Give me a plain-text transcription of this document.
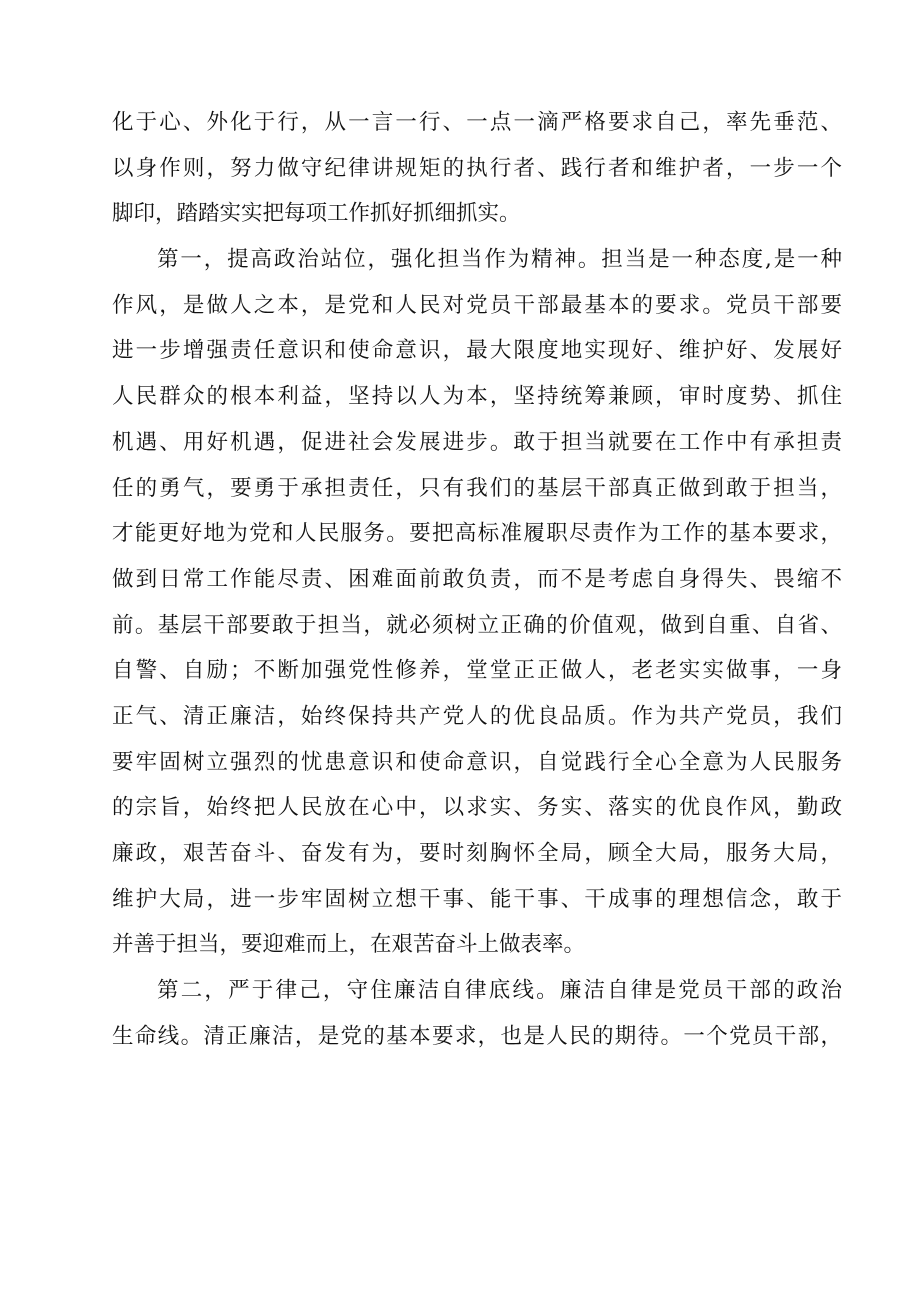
化于心、外化于行，从一言一行、一点一滴严格要求自己，率先垂范、
以身作则，努力做守纪律讲规矩的执行者、践行者和维护者，一步一个
脚印，踏踏实实把每项工作抓好抓细抓实。
第一，提高政治站位，强化担当作为精神。担当是一种态度,是一种
作风，是做人之本，是党和人民对党员干部最基本的要求。党员干部要
进一步增强责任意识和使命意识，最大限度地实现好、维护好、发展好
人民群众的根本利益，坚持以人为本，坚持统筹兼顾，审时度势、抓住
机遇、用好机遇，促进社会发展进步。敢于担当就要在工作中有承担责
任的勇气，要勇于承担责任，只有我们的基层干部真正做到敢于担当，
才能更好地为党和人民服务。要把高标准履职尽责作为工作的基本要求，
做到日常工作能尽责、困难面前敢负责，而不是考虑自身得失、畏缩不
前。基层干部要敢于担当，就必须树立正确的价值观，做到自重、自省、
自警、自励；不断加强党性修养，堂堂正正做人，老老实实做事，一身
正气、清正廉洁，始终保持共产党人的优良品质。作为共产党员，我们
要牢固树立强烈的忧患意识和使命意识，自觉践行全心全意为人民服务
的宗旨，始终把人民放在心中，以求实、务实、落实的优良作风，勤政
廉政，艰苦奋斗、奋发有为，要时刻胸怀全局，顾全大局，服务大局，
维护大局，进一步牢固树立想干事、能干事、干成事的理想信念，敢于
并善于担当，要迎难而上，在艰苦奋斗上做表率。
第二，严于律己，守住廉洁自律底线。廉洁自律是党员干部的政治
生命线。清正廉洁，是党的基本要求，也是人民的期待。一个党员干部，
